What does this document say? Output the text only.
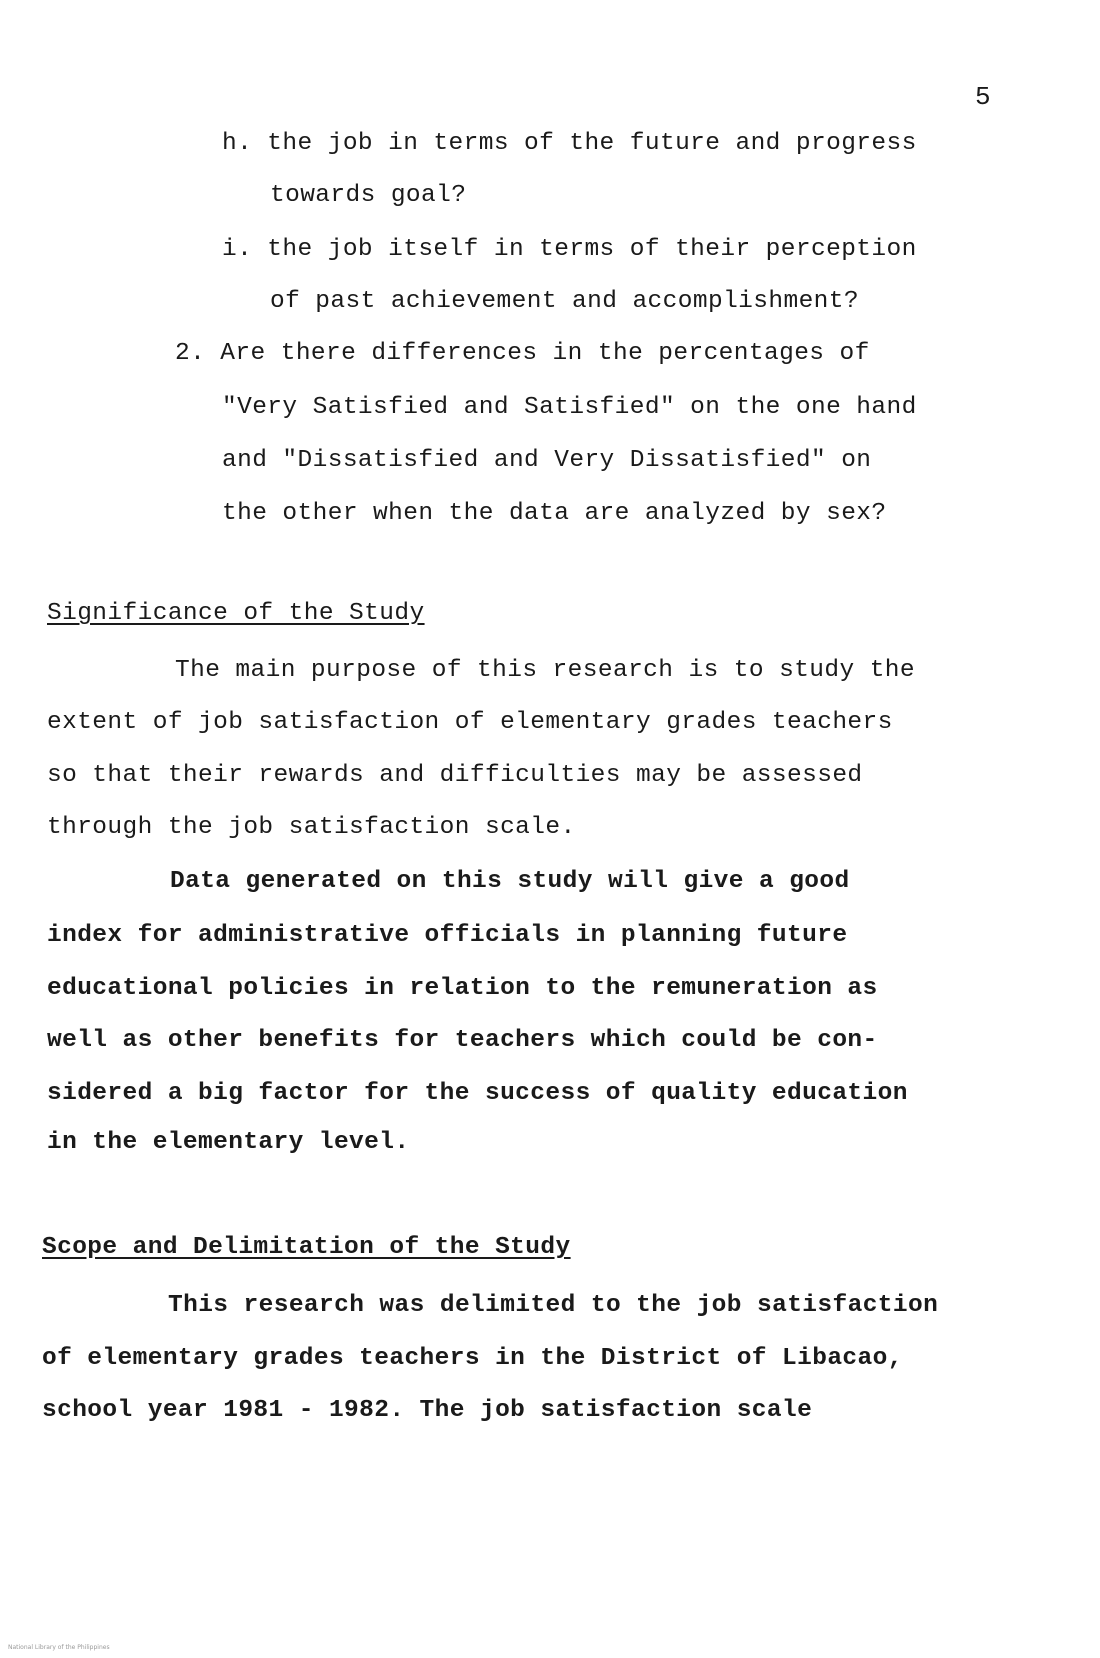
5
h. the job in terms of the future and progress
towards goal?
i. the job itself in terms of their perception
of past achievement and accomplishment?
2. Are there differences in the percentages of
"Very Satisfied and Satisfied" on the one hand
and "Dissatisfied and Very Dissatisfied" on
the other when the data are analyzed by sex?
Significance of the Study
The main purpose of this research is to study the
extent of job satisfaction of elementary grades teachers
so that their rewards and difficulties may be assessed
through the job satisfaction scale.
Data generated on this study will give a good
index for administrative officials in planning future
educational policies in relation to the remuneration as
well as other benefits for teachers which could be con-
sidered a big factor for the success of quality education
in the elementary level.
Scope and Delimitation of the Study
This research was delimited to the job satisfaction
of elementary grades teachers in the District of Libacao,
school year 1981 - 1982. The job satisfaction scale
National Library of the Philippines
